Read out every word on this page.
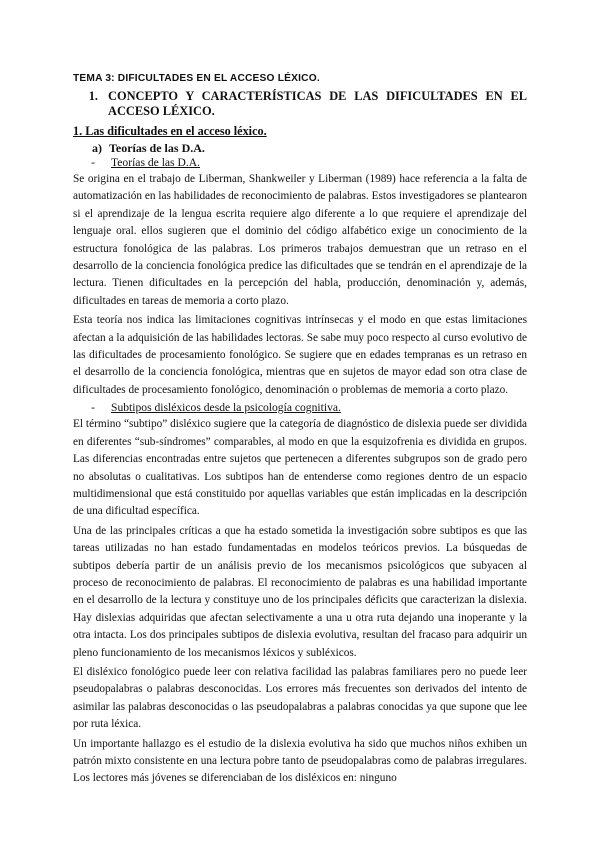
TEMA 3: DIFICULTADES EN EL ACCESO LÉXICO.
1. CONCEPTO Y CARACTERÍSTICAS DE LAS DIFICULTADES EN EL ACCESO LÉXICO.
1. Las dificultades en el acceso léxico.
a) Teorías de las D.A.
-	Teorías de las D.A.

Se origina en el trabajo de Liberman, Shankweiler y Liberman (1989) hace referencia a la falta de automatización en las habilidades de reconocimiento de palabras. Estos investigadores se plantearon si el aprendizaje de la lengua escrita requiere algo diferente a lo que requiere el aprendizaje del lenguaje oral. ellos sugieren que el dominio del código alfabético exige un conocimiento de la estructura fonológica de las palabras. Los primeros trabajos demuestran que un retraso en el desarrollo de la conciencia fonológica predice las dificultades que se tendrán en el aprendizaje de la lectura. Tienen dificultades en la percepción del habla, producción, denominación y, además, dificultades en tareas de memoria a corto plazo.

Esta teoría nos indica las limitaciones cognitivas intrínsecas y el modo en que estas limitaciones afectan a la adquisición de las habilidades lectoras. Se sabe muy poco respecto al curso evolutivo de las dificultades de procesamiento fonológico. Se sugiere que en edades tempranas es un retraso en el desarrollo de la conciencia fonológica, mientras que en sujetos de mayor edad son otra clase de dificultades de procesamiento fonológico, denominación o problemas de memoria a corto plazo.

-	Subtipos disléxicos desde la psicología cognitiva.

El término “subtipo” disléxico sugiere que la categoría de diagnóstico de dislexia puede ser dividida en diferentes “sub-síndromes” comparables, al modo en que la esquizofrenia es dividida en grupos. Las diferencias encontradas entre sujetos que pertenecen a diferentes subgrupos son de grado pero no absolutas o cualitativas. Los subtipos han de entenderse como regiones dentro de un espacio multidimensional que está constituido por aquellas variables que están implicadas en la descripción de una dificultad específica.

Una de las principales críticas a que ha estado sometida la investigación sobre subtipos es que las tareas utilizadas no han estado fundamentadas en modelos teóricos previos. La búsquedas de subtipos debería partir de un análisis previo de los mecanismos psicológicos que subyacen al proceso de reconocimiento de palabras. El reconocimiento de palabras es una habilidad importante en el desarrollo de la lectura y constituye uno de los principales déficits que caracterizan la dislexia. Hay dislexias adquiridas que afectan selectivamente a una u otra ruta dejando una inoperante y la otra intacta. Los dos principales subtipos de dislexia evolutiva, resultan del fracaso para adquirir un pleno funcionamiento de los mecanismos léxicos y subléxicos.

El disléxico fonológico puede leer con relativa facilidad las palabras familiares pero no puede leer pseudopalabras o palabras desconocidas. Los errores más frecuentes son derivados del intento de asimilar las palabras desconocidas o las pseudopalabras a palabras conocidas ya que supone que lee por ruta léxica.

Un importante hallazgo es el estudio de la dislexia evolutiva ha sido que muchos niños exhiben un patrón mixto consistente en una lectura pobre tanto de pseudopalabras como de palabras irregulares. Los lectores más jóvenes se diferenciaban de los disléxicos en: ninguno
